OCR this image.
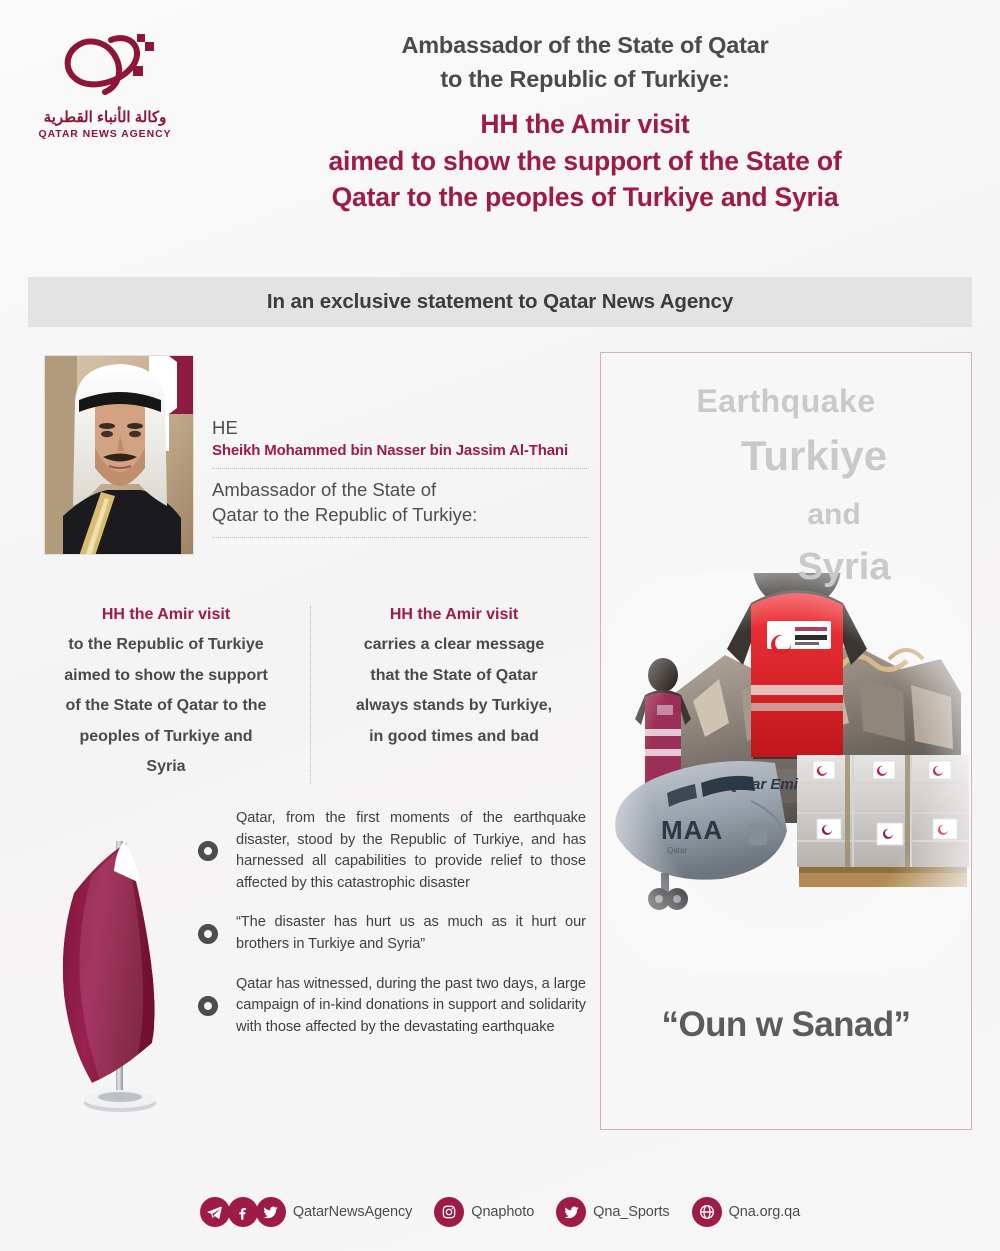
وكالة الأنباء القطرية
QATAR NEWS AGENCY
Ambassador of the State of Qatar
to the Republic of Turkiye:
HH the Amir visit
aimed to show the support of the State of
Qatar to the peoples of Turkiye and Syria
In an exclusive statement to Qatar News Agency
HE
Sheikh Mohammed bin Nasser bin Jassim Al-Thani
Ambassador of the State of
Qatar to the Republic of Turkiye:
HH the Amir visit
to the Republic of Turkiye
aimed to show the support
of the State of Qatar to the
peoples of Turkiye and
Syria
HH the Amir visit
carries a clear message
that the State of Qatar
always stands by Turkiye,
in good times and bad
Qatar, from the first moments of the earthquake disaster, stood by the Republic of Turkiye, and has harnessed all capabilities to provide relief to those affected by this catastrophic disaster
“The disaster has hurt us as much as it hurt our brothers in Turkiye and Syria”
Qatar has witnessed, during the past two days, a large campaign of in-kind donations in support and solidarity with those affected by the devastating earthquake
Earthquake
Turkiye
and
Syria
“Oun w Sanad”
QatarNewsAgency	Qnaphoto	Qna_Sports	Qna.org.qa
